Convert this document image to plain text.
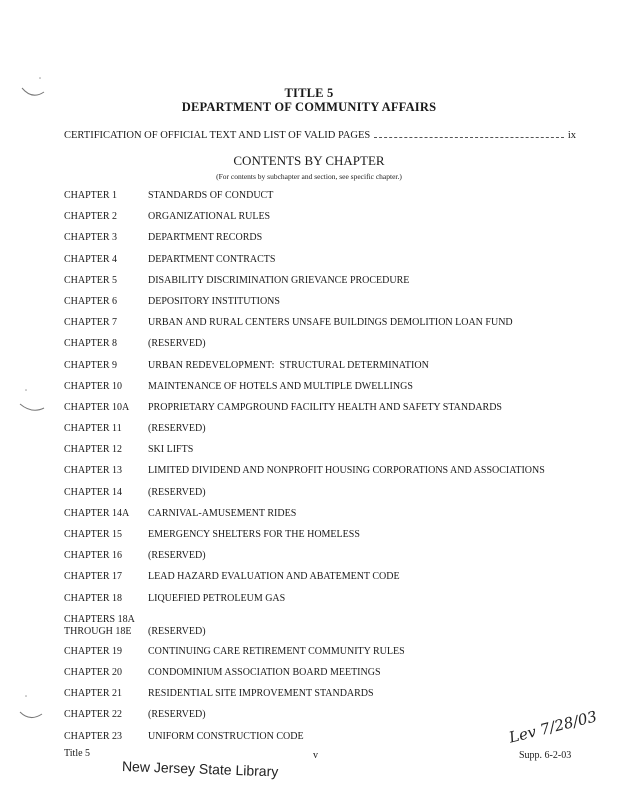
TITLE 5
DEPARTMENT OF COMMUNITY AFFAIRS
CERTIFICATION OF OFFICIAL TEXT AND LIST OF VALID PAGES	ix
CONTENTS BY CHAPTER
(For contents by subchapter and section, see specific chapter.)
CHAPTER 1	STANDARDS OF CONDUCT
CHAPTER 2	ORGANIZATIONAL RULES
CHAPTER 3	DEPARTMENT RECORDS
CHAPTER 4	DEPARTMENT CONTRACTS
CHAPTER 5	DISABILITY DISCRIMINATION GRIEVANCE PROCEDURE
CHAPTER 6	DEPOSITORY INSTITUTIONS
CHAPTER 7	URBAN AND RURAL CENTERS UNSAFE BUILDINGS DEMOLITION LOAN FUND
CHAPTER 8	(RESERVED)
CHAPTER 9	URBAN REDEVELOPMENT:  STRUCTURAL DETERMINATION
CHAPTER 10	MAINTENANCE OF HOTELS AND MULTIPLE DWELLINGS
CHAPTER 10A	PROPRIETARY CAMPGROUND FACILITY HEALTH AND SAFETY STANDARDS
CHAPTER 11	(RESERVED)
CHAPTER 12	SKI LIFTS
CHAPTER 13	LIMITED DIVIDEND AND NONPROFIT HOUSING CORPORATIONS AND ASSOCIATIONS
CHAPTER 14	(RESERVED)
CHAPTER 14A	CARNIVAL-AMUSEMENT RIDES
CHAPTER 15	EMERGENCY SHELTERS FOR THE HOMELESS
CHAPTER 16	(RESERVED)
CHAPTER 17	LEAD HAZARD EVALUATION AND ABATEMENT CODE
CHAPTER 18	LIQUEFIED PETROLEUM GAS
CHAPTERS 18A
THROUGH 18E	(RESERVED)
CHAPTER 19	CONTINUING CARE RETIREMENT COMMUNITY RULES
CHAPTER 20	CONDOMINIUM ASSOCIATION BOARD MEETINGS
CHAPTER 21	RESIDENTIAL SITE IMPROVEMENT STANDARDS
CHAPTER 22	(RESERVED)
CHAPTER 23	UNIFORM CONSTRUCTION CODE	Lev 7/28/03
Title 5
New Jersey State Library
v	Supp. 6-2-03
